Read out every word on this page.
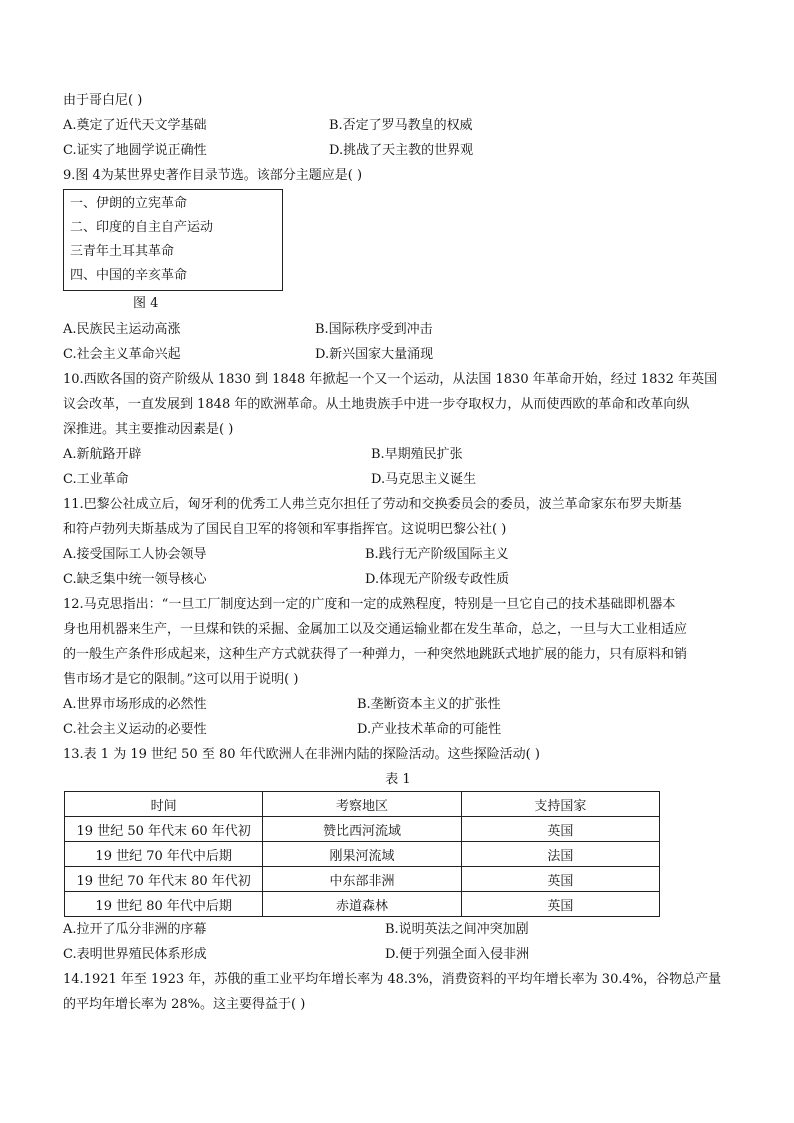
由于哥白尼( )
A.奠定了近代天文学基础	B.否定了罗马教皇的权威
C.证实了地圆学说正确性	D.挑战了天主教的世界观
9.图 4为某世界史著作目录节选。该部分主题应是( )
一、伊朗的立宪革命
二、印度的自主自产运动
三青年土耳其革命
四、中国的辛亥革命
图 4
A.民族民主运动高涨	B.国际秩序受到冲击
C.社会主义革命兴起	D.新兴国家大量涌现
10.西欧各国的资产阶级从 1830 到 1848 年掀起一个又一个运动，从法国 1830 年革命开始，经过 1832 年英国
议会改革，一直发展到 1848 年的欧洲革命。从土地贵族手中进一步夺取权力，从而使西欧的革命和改革向纵
深推进。其主要推动因素是( )
A.新航路开辟	B.早期殖民扩张
C.工业革命	D.马克思主义诞生
11.巴黎公社成立后，匈牙利的优秀工人弗兰克尔担任了劳动和交换委员会的委员，波兰革命家东布罗夫斯基
和符卢勃列夫斯基成为了国民自卫军的将领和军事指挥官。这说明巴黎公社( )
A.接受国际工人协会领导	B.践行无产阶级国际主义
C.缺乏集中统一领导核心	D.体现无产阶级专政性质
12.马克思指出：“一旦工厂制度达到一定的广度和一定的成熟程度，特别是一旦它自己的技术基础即机器本
身也用机器来生产，一旦煤和铁的采掘、金属加工以及交通运输业都在发生革命，总之，一旦与大工业相适应
的一般生产条件形成起来，这种生产方式就获得了一种弹力，一种突然地跳跃式地扩展的能力，只有原料和销
售市场才是它的限制。”这可以用于说明( )
A.世界市场形成的必然性	B.垄断资本主义的扩张性
C.社会主义运动的必要性	D.产业技术革命的可能性
13.表 1 为 19 世纪 50 至 80 年代欧洲人在非洲内陆的探险活动。这些探险活动( )
表 1
时间	考察地区	支持国家
19 世纪 50 年代末 60 年代初	赞比西河流域	英国
19 世纪 70 年代中后期	刚果河流域	法国
19 世纪 70 年代末 80 年代初	中东部非洲	英国
19 世纪 80 年代中后期	赤道森林	英国
A.拉开了瓜分非洲的序幕	B.说明英法之间冲突加剧
C.表明世界殖民体系形成	D.便于列强全面入侵非洲
14.1921 年至 1923 年，苏俄的重工业平均年增长率为 48.3%，消费资料的平均年增长率为 30.4%，谷物总产量
的平均年增长率为 28%。这主要得益于( )
